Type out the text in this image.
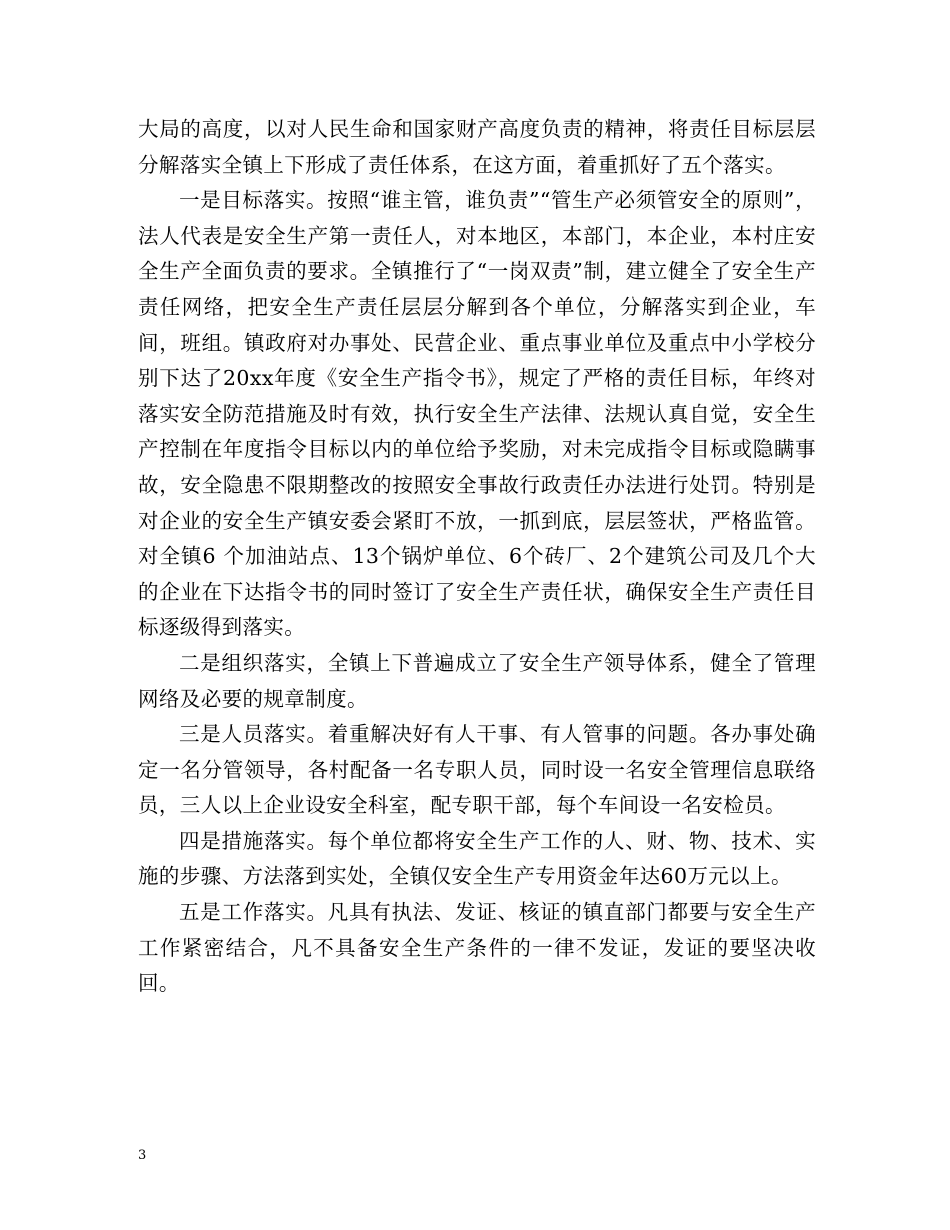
大局的高度，以对人民生命和国家财产高度负责的精神，将责任目标层层分解落实全镇上下形成了责任体系，在这方面，着重抓好了五个落实。

一是目标落实。按照“谁主管，谁负责”“管生产必须管安全的原则”，法人代表是安全生产第一责任人，对本地区，本部门，本企业，本村庄安全生产全面负责的要求。全镇推行了“一岗双责”制，建立健全了安全生产责任网络，把安全生产责任层层分解到各个单位，分解落实到企业，车间，班组。镇政府对办事处、民营企业、重点事业单位及重点中小学校分别下达了20xx年度《安全生产指令书》，规定了严格的责任目标，年终对落实安全防范措施及时有效，执行安全生产法律、法规认真自觉，安全生产控制在年度指令目标以内的单位给予奖励，对未完成指令目标或隐瞒事故，安全隐患不限期整改的按照安全事故行政责任办法进行处罚。特别是对企业的安全生产镇安委会紧盯不放，一抓到底，层层签状，严格监管。对全镇6 个加油站点、13个锅炉单位、6个砖厂、2个建筑公司及几个大的企业在下达指令书的同时签订了安全生产责任状，确保安全生产责任目标逐级得到落实。

二是组织落实，全镇上下普遍成立了安全生产领导体系，健全了管理网络及必要的规章制度。

三是人员落实。着重解决好有人干事、有人管事的问题。各办事处确定一名分管领导，各村配备一名专职人员，同时设一名安全管理信息联络员，三人以上企业设安全科室，配专职干部，每个车间设一名安检员。

四是措施落实。每个单位都将安全生产工作的人、财、物、技术、实施的步骤、方法落到实处，全镇仅安全生产专用资金年达60万元以上。

五是工作落实。凡具有执法、发证、核证的镇直部门都要与安全生产工作紧密结合，凡不具备安全生产条件的一律不发证，发证的要坚决收回。

3
